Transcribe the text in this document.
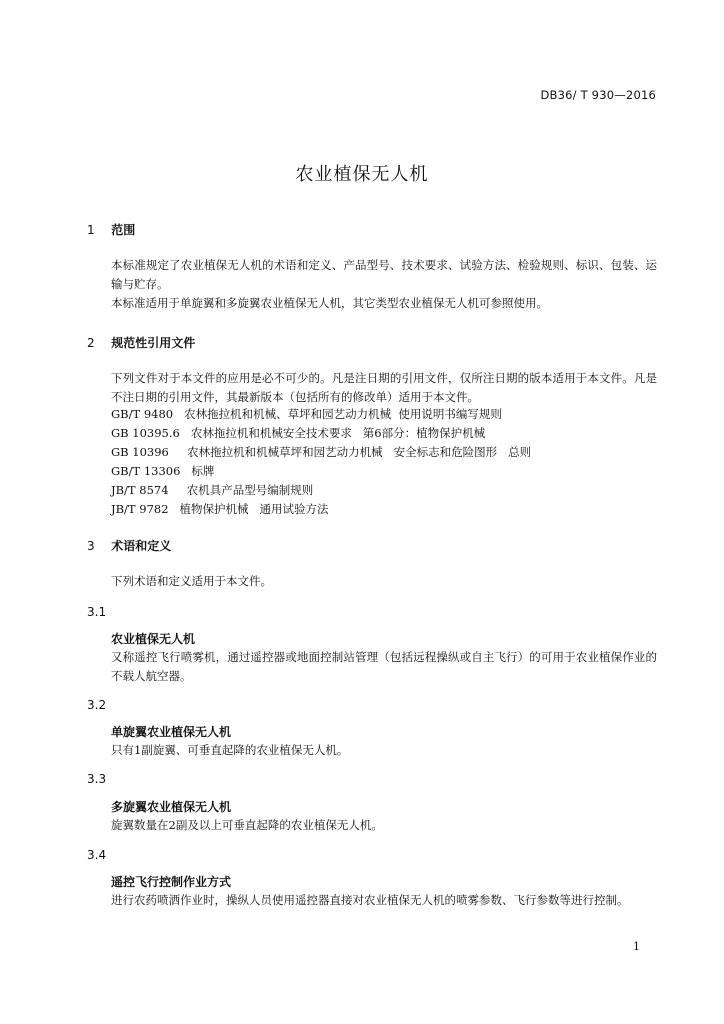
DB36/ T 930—2016
农业植保无人机
1 范围
本标准规定了农业植保无人机的术语和定义、产品型号、技术要求、试验方法、检验规则、标识、包装、运输与贮存。
本标准适用于单旋翼和多旋翼农业植保无人机，其它类型农业植保无人机可参照使用。
2 规范性引用文件
下列文件对于本文件的应用是必不可少的。凡是注日期的引用文件，仅所注日期的版本适用于本文件。凡是不注日期的引用文件，其最新版本（包括所有的修改单）适用于本文件。
GB/T 9480   农林拖拉机和机械、草坪和园艺动力机械  使用说明书编写规则
GB 10395.6   农林拖拉机和机械安全技术要求   第6部分：植物保护机械
GB 10396     农林拖拉机和机械草坪和园艺动力机械   安全标志和危险图形   总则
GB/T 13306   标牌
JB/T 8574     农机具产品型号编制规则
JB/T 9782   植物保护机械   通用试验方法
3 术语和定义
下列术语和定义适用于本文件。
3.1
农业植保无人机
又称遥控飞行喷雾机，通过遥控器或地面控制站管理（包括远程操纵或自主飞行）的可用于农业植保作业的不载人航空器。
3.2
单旋翼农业植保无人机
只有1副旋翼、可垂直起降的农业植保无人机。
3.3
多旋翼农业植保无人机
旋翼数量在2副及以上可垂直起降的农业植保无人机。
3.4
遥控飞行控制作业方式
进行农药喷洒作业时，操纵人员使用遥控器直接对农业植保无人机的喷雾参数、飞行参数等进行控制。
1
